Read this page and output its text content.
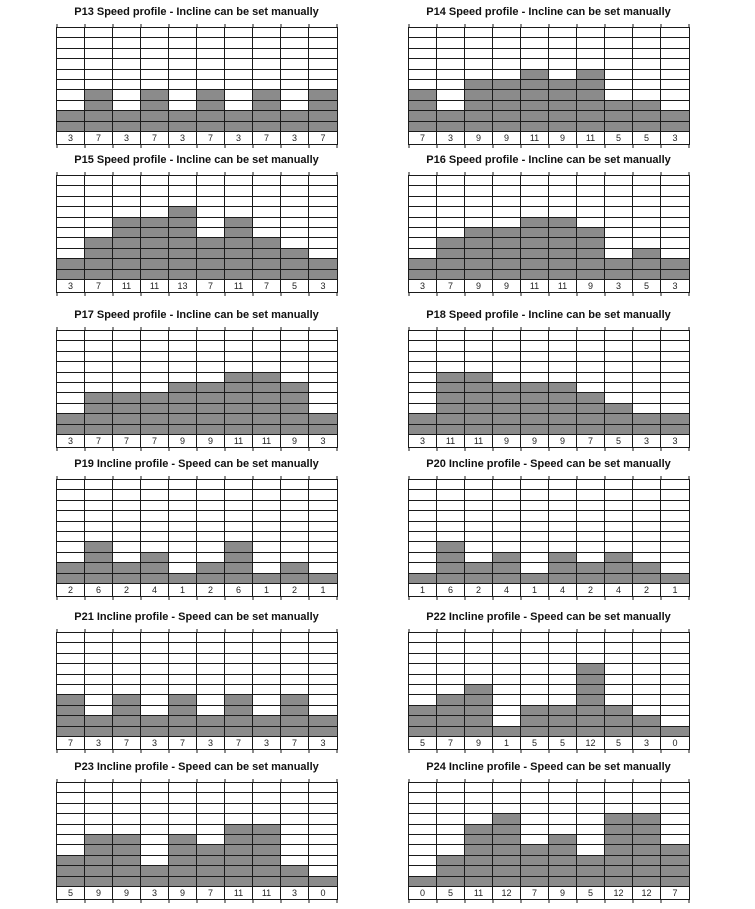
P13 Speed profile - Incline can be set manually
3	7	3	7	3	7	3	7	3	7
P14 Speed profile - Incline can be set manually
7	3	9	9	11	9	11	5	5	3
P15 Speed profile - Incline can be set manually
3	7	11	11	13	7	11	7	5	3
P16 Speed profile - Incline can be set manually
3	7	9	9	11	11	9	3	5	3
P17 Speed profile - Incline can be set manually
3	7	7	7	9	9	11	11	9	3
P18 Speed profile - Incline can be set manually
3	11	11	9	9	9	7	5	3	3
P19 Incline profile - Speed can be set manually
2	6	2	4	1	2	6	1	2	1
P20 Incline profile - Speed can be set manually
1	6	2	4	1	4	2	4	2	1
P21 Incline profile - Speed can be set manually
7	3	7	3	7	3	7	3	7	3
P22 Incline profile - Speed can be set manually
5	7	9	1	5	5	12	5	3	0
P23 Incline profile - Speed can be set manually
5	9	9	3	9	7	11	11	3	0
P24 Incline profile - Speed can be set manually
0	5	11	12	7	9	5	12	12	7
